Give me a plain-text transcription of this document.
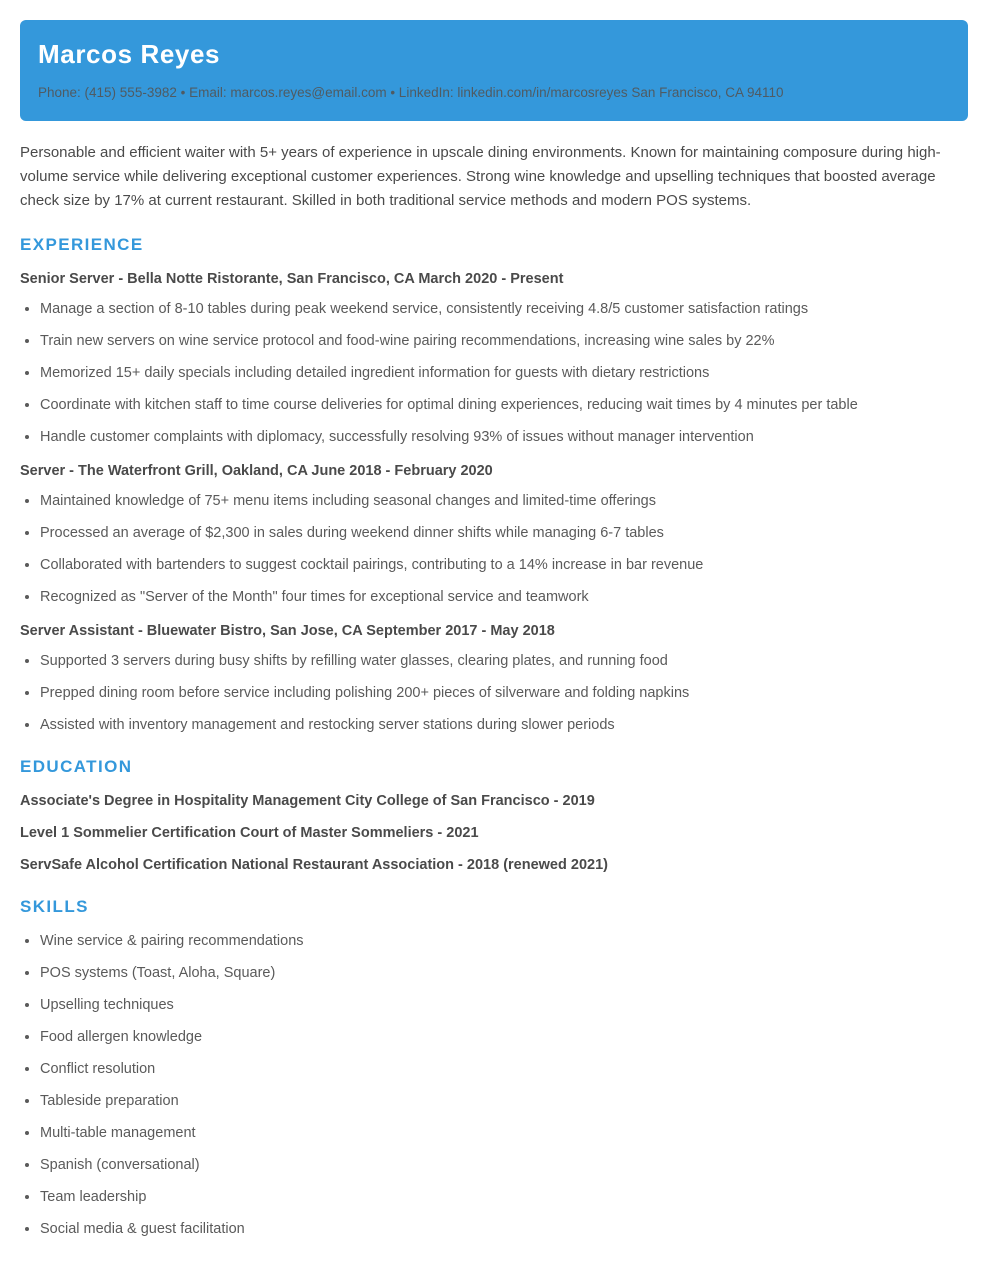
Marcos Reyes
Phone: (415) 555-3982 • Email: marcos.reyes@email.com • LinkedIn: linkedin.com/in/marcosreyes San Francisco, CA 94110

Personable and efficient waiter with 5+ years of experience in upscale dining environments. Known for maintaining composure during high-volume service while delivering exceptional customer experiences. Strong wine knowledge and upselling techniques that boosted average check size by 17% at current restaurant. Skilled in both traditional service methods and modern POS systems.

EXPERIENCE
Senior Server - Bella Notte Ristorante, San Francisco, CA March 2020 - Present
Manage a section of 8-10 tables during peak weekend service, consistently receiving 4.8/5 customer satisfaction ratings
Train new servers on wine service protocol and food-wine pairing recommendations, increasing wine sales by 22%
Memorized 15+ daily specials including detailed ingredient information for guests with dietary restrictions
Coordinate with kitchen staff to time course deliveries for optimal dining experiences, reducing wait times by 4 minutes per table
Handle customer complaints with diplomacy, successfully resolving 93% of issues without manager intervention
Server - The Waterfront Grill, Oakland, CA June 2018 - February 2020
Maintained knowledge of 75+ menu items including seasonal changes and limited-time offerings
Processed an average of $2,300 in sales during weekend dinner shifts while managing 6-7 tables
Collaborated with bartenders to suggest cocktail pairings, contributing to a 14% increase in bar revenue
Recognized as "Server of the Month" four times for exceptional service and teamwork
Server Assistant - Bluewater Bistro, San Jose, CA September 2017 - May 2018
Supported 3 servers during busy shifts by refilling water glasses, clearing plates, and running food
Prepped dining room before service including polishing 200+ pieces of silverware and folding napkins
Assisted with inventory management and restocking server stations during slower periods
EDUCATION
Associate's Degree in Hospitality Management City College of San Francisco - 2019
Level 1 Sommelier Certification Court of Master Sommeliers - 2021
ServSafe Alcohol Certification National Restaurant Association - 2018 (renewed 2021)
SKILLS
Wine service & pairing recommendations
POS systems (Toast, Aloha, Square)
Upselling techniques
Food allergen knowledge
Conflict resolution
Tableside preparation
Multi-table management
Spanish (conversational)
Team leadership
Social media & guest facilitation
